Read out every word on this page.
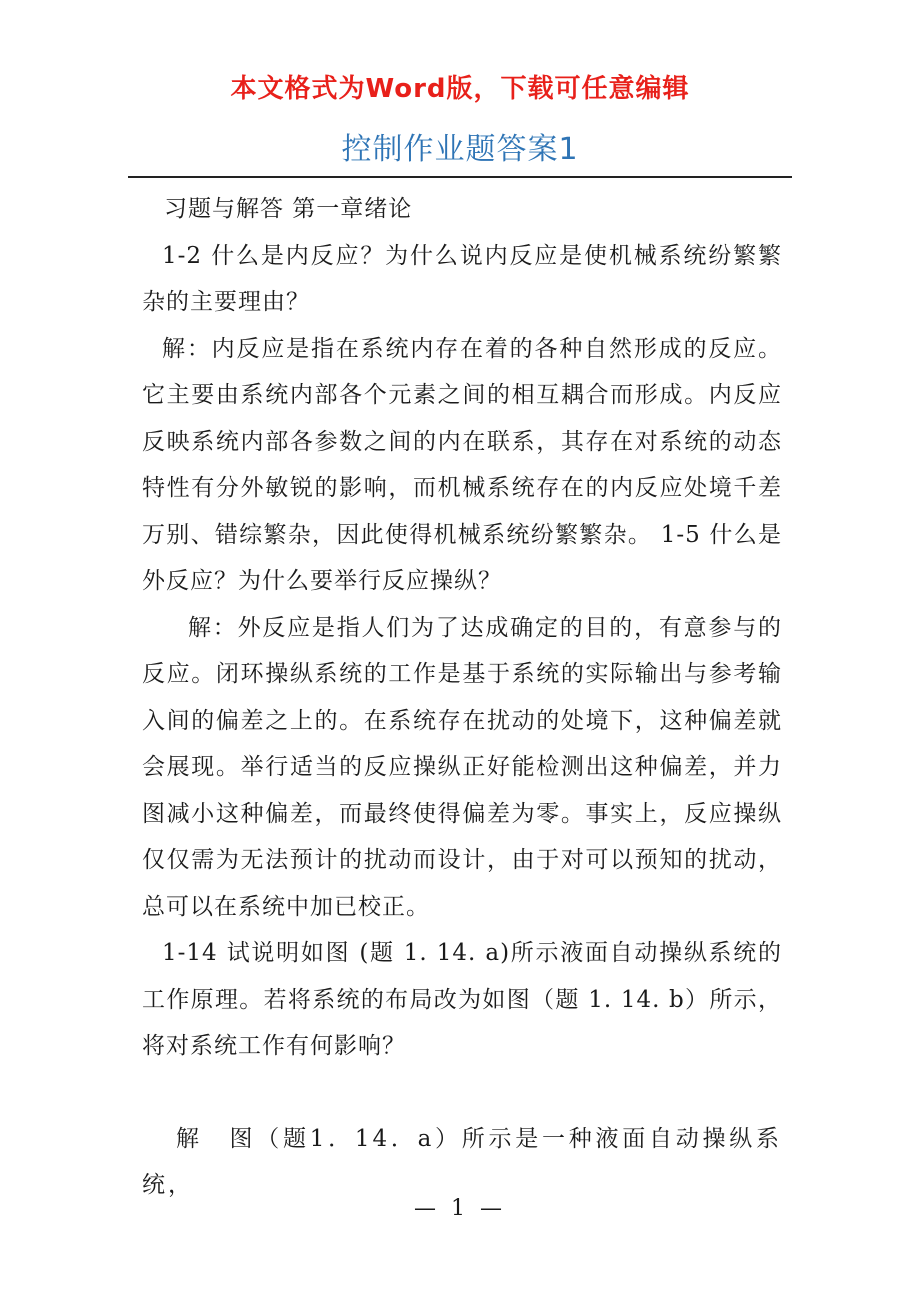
本文格式为Word版，下载可任意编辑
控制作业题答案1

习题与解答 第一章绪论

1-2 什么是内反应？为什么说内反应是使机械系统纷繁繁杂的主要理由？

解：内反应是指在系统内存在着的各种自然形成的反应。它主要由系统内部各个元素之间的相互耦合而形成。内反应反映系统内部各参数之间的内在联系，其存在对系统的动态特性有分外敏锐的影响，而机械系统存在的内反应处境千差万别、错综繁杂，因此使得机械系统纷繁繁杂。 1-5 什么是外反应？为什么要举行反应操纵？

解：外反应是指人们为了达成确定的目的，有意参与的反应。闭环操纵系统的工作是基于系统的实际输出与参考输入间的偏差之上的。在系统存在扰动的处境下，这种偏差就会展现。举行适当的反应操纵正好能检测出这种偏差，并力图减小这种偏差，而最终使得偏差为零。事实上，反应操纵仅仅需为无法预计的扰动而设计，由于对可以预知的扰动，总可以在系统中加已校正。

1-14 试说明如图 (题 1. 14. a)所示液面自动操纵系统的工作原理。若将系统的布局改为如图（题 1. 14. b）所示，将对系统工作有何影响？

解　图（题1．14．a）所示是一种液面自动操纵系统，

— 1 —
